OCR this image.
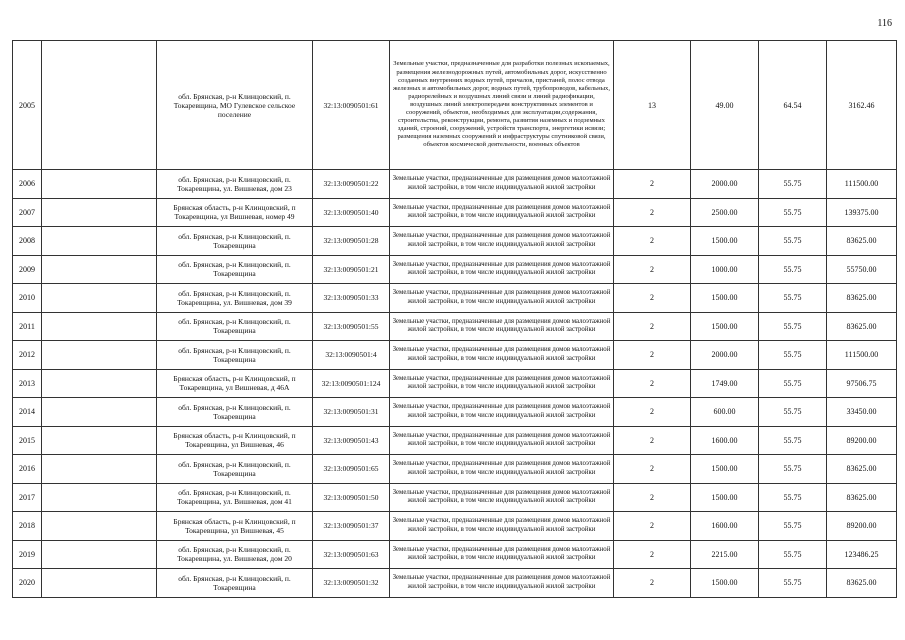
116
2005		обл. Брянская, р-н Клинцовский, п. Токаревщина, МО Гулевское сельское поселение	32:13:0090501:61	Земельные участки, предназначенные для разработки полезных ископаемых, размещения железнодорожных путей, автомобильных дорог, искусственно созданных внутренних водных путей, причалов, пристаней, полос отвода железных и автомобильных дорог, водных путей, трубопроводов, кабельных, радиорелейных и воздушных линий связи и линий радиофикации, воздушных линий электропередачи конструктивных элементов и сооружений, объектов, необходимых для эксплуатации,содержания, строительства, реконструкции, ремонта, развития наземных и подземных зданий, строений, сооружений, устройств транспорта, энергетики исвязи; размещения наземных сооружений и инфраструктуры спутниковой связи, объектов космической деятельности, военных объектов	13	49.00	64.54	3162.46
2006		обл. Брянская, р-н Клинцовский, п. Токаревщина, ул. Вишневая, дом 23	32:13:0090501:22	Земельные участки, предназначенные для размещения домов малоэтажной жилой застройки, в том числе индивидуальной жилой застройки	2	2000.00	55.75	111500.00
2007		Брянская область, р-н Клинцовский, п Токаревщина, ул Вишневая, номер 49	32:13:0090501:40	Земельные участки, предназначенные для размещения домов малоэтажной жилой застройки, в том числе индивидуальной жилой застройки	2	2500.00	55.75	139375.00
2008		обл. Брянская, р-н Клинцовский, п. Токаревщина	32:13:0090501:28	Земельные участки, предназначенные для размещения домов малоэтажной жилой застройки, в том числе индивидуальной жилой застройки	2	1500.00	55.75	83625.00
2009		обл. Брянская, р-н Клинцовский, п. Токаревщина	32:13:0090501:21	Земельные участки, предназначенные для размещения домов малоэтажной жилой застройки, в том числе индивидуальной жилой застройки	2	1000.00	55.75	55750.00
2010		обл. Брянская, р-н Клинцовский, п. Токаревщина, ул. Вишневая, дом 39	32:13:0090501:33	Земельные участки, предназначенные для размещения домов малоэтажной жилой застройки, в том числе индивидуальной жилой застройки	2	1500.00	55.75	83625.00
2011		обл. Брянская, р-н Клинцовский, п. Токаревщина	32:13:0090501:55	Земельные участки, предназначенные для размещения домов малоэтажной жилой застройки, в том числе индивидуальной жилой застройки	2	1500.00	55.75	83625.00
2012		обл. Брянская, р-н Клинцовский, п. Токаревщина	32:13:0090501:4	Земельные участки, предназначенные для размещения домов малоэтажной жилой застройки, в том числе индивидуальной жилой застройки	2	2000.00	55.75	111500.00
2013		Брянская область, р-н Клинцовский, п Токаревщина, ул Вишневая, д 46А	32:13:0090501:124	Земельные участки, предназначенные для размещения домов малоэтажной жилой застройки, в том числе индивидуальной жилой застройки	2	1749.00	55.75	97506.75
2014		обл. Брянская, р-н Клинцовский, п. Токаревщина	32:13:0090501:31	Земельные участки, предназначенные для размещения домов малоэтажной жилой застройки, в том числе индивидуальной жилой застройки	2	600.00	55.75	33450.00
2015		Брянская область, р-н Клинцовский, п Токаревщина, ул Вишневая, 46	32:13:0090501:43	Земельные участки, предназначенные для размещения домов малоэтажной жилой застройки, в том числе индивидуальной жилой застройки	2	1600.00	55.75	89200.00
2016		обл. Брянская, р-н Клинцовский, п. Токаревщина	32:13:0090501:65	Земельные участки, предназначенные для размещения домов малоэтажной жилой застройки, в том числе индивидуальной жилой застройки	2	1500.00	55.75	83625.00
2017		обл. Брянская, р-н Клинцовский, п. Токаревщина, ул. Вишневая, дом 41	32:13:0090501:50	Земельные участки, предназначенные для размещения домов малоэтажной жилой застройки, в том числе индивидуальной жилой застройки	2	1500.00	55.75	83625.00
2018		Брянская область, р-н Клинцовский, п Токаревщина, ул Вишневая, 45	32:13:0090501:37	Земельные участки, предназначенные для размещения домов малоэтажной жилой застройки, в том числе индивидуальной жилой застройки	2	1600.00	55.75	89200.00
2019		обл. Брянская, р-н Клинцовский, п. Токаревщина, ул. Вишневая, дом 20	32:13:0090501:63	Земельные участки, предназначенные для размещения домов малоэтажной жилой застройки, в том числе индивидуальной жилой застройки	2	2215.00	55.75	123486.25
2020		обл. Брянская, р-н Клинцовский, п. Токаревщина	32:13:0090501:32	Земельные участки, предназначенные для размещения домов малоэтажной жилой застройки, в том числе индивидуальной жилой застройки	2	1500.00	55.75	83625.00
